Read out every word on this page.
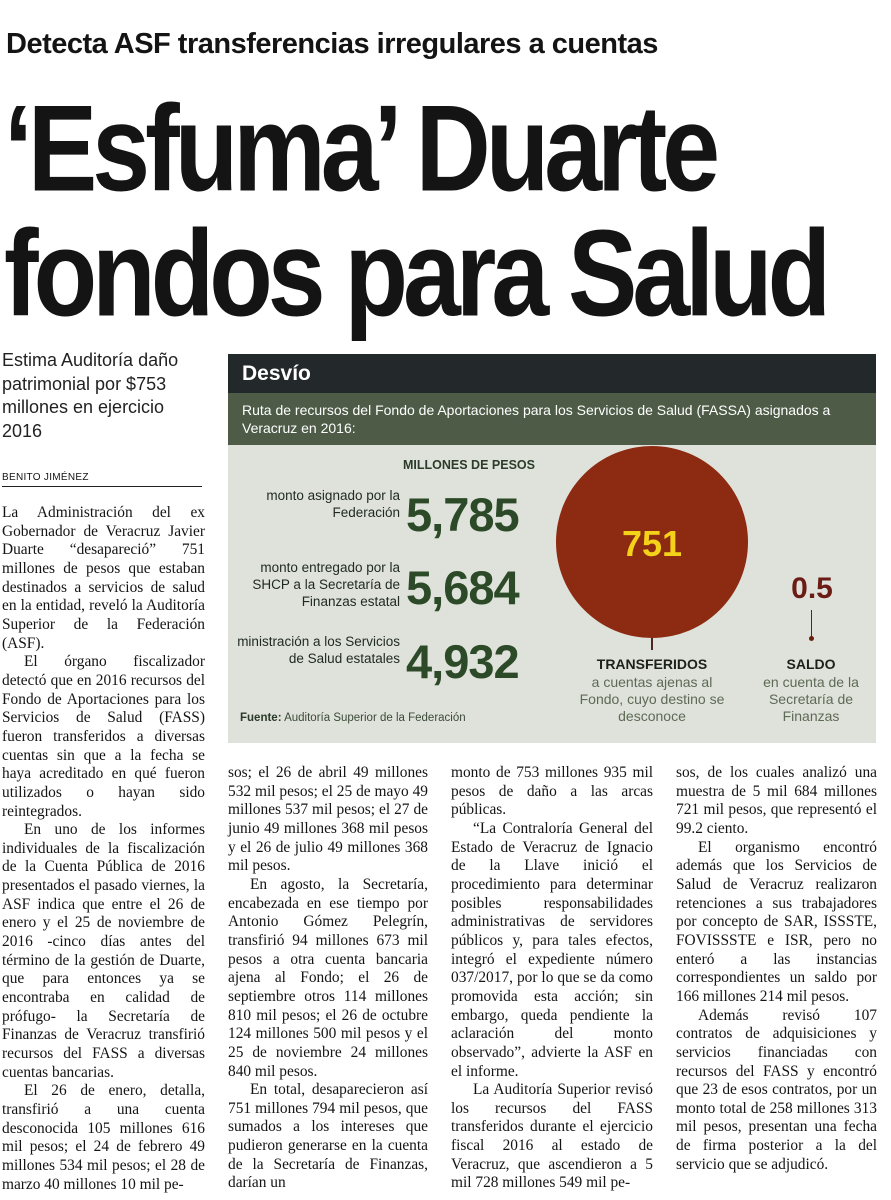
Detecta ASF transferencias irregulares a cuentas
‘Esfuma’ Duarte
fondos para Salud
Estima Auditoría daño patrimonial por $753 millones en ejercicio 2016
BENITO JIMÉNEZ

La Administración del ex Gobernador de Veracruz Javier Duarte “desapareció” 751 millones de pesos que estaban destinados a servicios de salud en la entidad, reveló la Auditoría Superior de la Federación (ASF).

El órgano fiscalizador detectó que en 2016 recursos del Fondo de Aportaciones para los Servicios de Salud (FASS) fueron transferidos a diversas cuentas sin que a la fecha se haya acreditado en qué fueron utilizados o hayan sido reintegrados.

En uno de los informes individuales de la fiscalización de la Cuenta Pública de 2016 presentados el pasado viernes, la ASF indica que entre el 26 de enero y el 25 de noviembre de 2016 -cinco días antes del término de la gestión de Duarte, que para entonces ya se encontraba en calidad de prófugo- la Secretaría de Finanzas de Veracruz transfirió recursos del FASS a diversas cuentas bancarias.

El 26 de enero, detalla, transfirió a una cuenta desconocida 105 millones 616 mil pesos; el 24 de febrero 49 millones 534 mil pesos; el 28 de marzo 40 millones 10 mil pe-

sos; el 26 de abril 49 millones 532 mil pesos; el 25 de mayo 49 millones 537 mil pesos; el 27 de junio 49 millones 368 mil pesos y el 26 de julio 49 millones 368 mil pesos.

En agosto, la Secretaría, encabezada en ese tiempo por Antonio Gómez Pelegrín, transfirió 94 millones 673 mil pesos a otra cuenta bancaria ajena al Fondo; el 26 de septiembre otros 114 millones 810 mil pesos; el 26 de octubre 124 millones 500 mil pesos y el 25 de noviembre 24 millones 840 mil pesos.

En total, desaparecieron así 751 millones 794 mil pesos, que sumados a los intereses que pudieron generarse en la cuenta de la Secretaría de Finanzas, darían un

monto de 753 millones 935 mil pesos de daño a las arcas públicas.

“La Contraloría General del Estado de Veracruz de Ignacio de la Llave inició el procedimiento para determinar posibles responsabilidades administrativas de servidores públicos y, para tales efectos, integró el expediente número 037/2017, por lo que se da como promovida esta acción; sin embargo, queda pendiente la aclaración del monto observado”, advierte la ASF en el informe.

La Auditoría Superior revisó los recursos del FASS transferidos durante el ejercicio fiscal 2016 al estado de Veracruz, que ascendieron a 5 mil 728 millones 549 mil pe-

sos, de los cuales analizó una muestra de 5 mil 684 millones 721 mil pesos, que representó el 99.2 ciento.

El organismo encontró además que los Servicios de Salud de Veracruz realizaron retenciones a sus trabajadores por concepto de SAR, ISSSTE, FOVISSSTE e ISR, pero no enteró a las instancias correspondientes un saldo por 166 millones 214 mil pesos.

Además revisó 107 contratos de adquisiciones y servicios financiadas con recursos del FASS y encontró que 23 de esos contratos, por un monto total de 258 millones 313 mil pesos, presentan una fecha de firma posterior a la del servicio que se adjudicó.

Desvío
Ruta de recursos del Fondo de Aportaciones para los Servicios de Salud (FASSA) asignados a Veracruz en 2016:
MILLONES DE PESOS
monto asignado por la Federación 5,785
monto entregado por la SHCP a la Secretaría de Finanzas estatal 5,684
ministración a los Servicios de Salud estatales 4,932
751
0.5
TRANSFERIDOS
a cuentas ajenas al Fondo, cuyo destino se desconoce
SALDO
en cuenta de la Secretaría de Finanzas
Fuente: Auditoría Superior de la Federación
